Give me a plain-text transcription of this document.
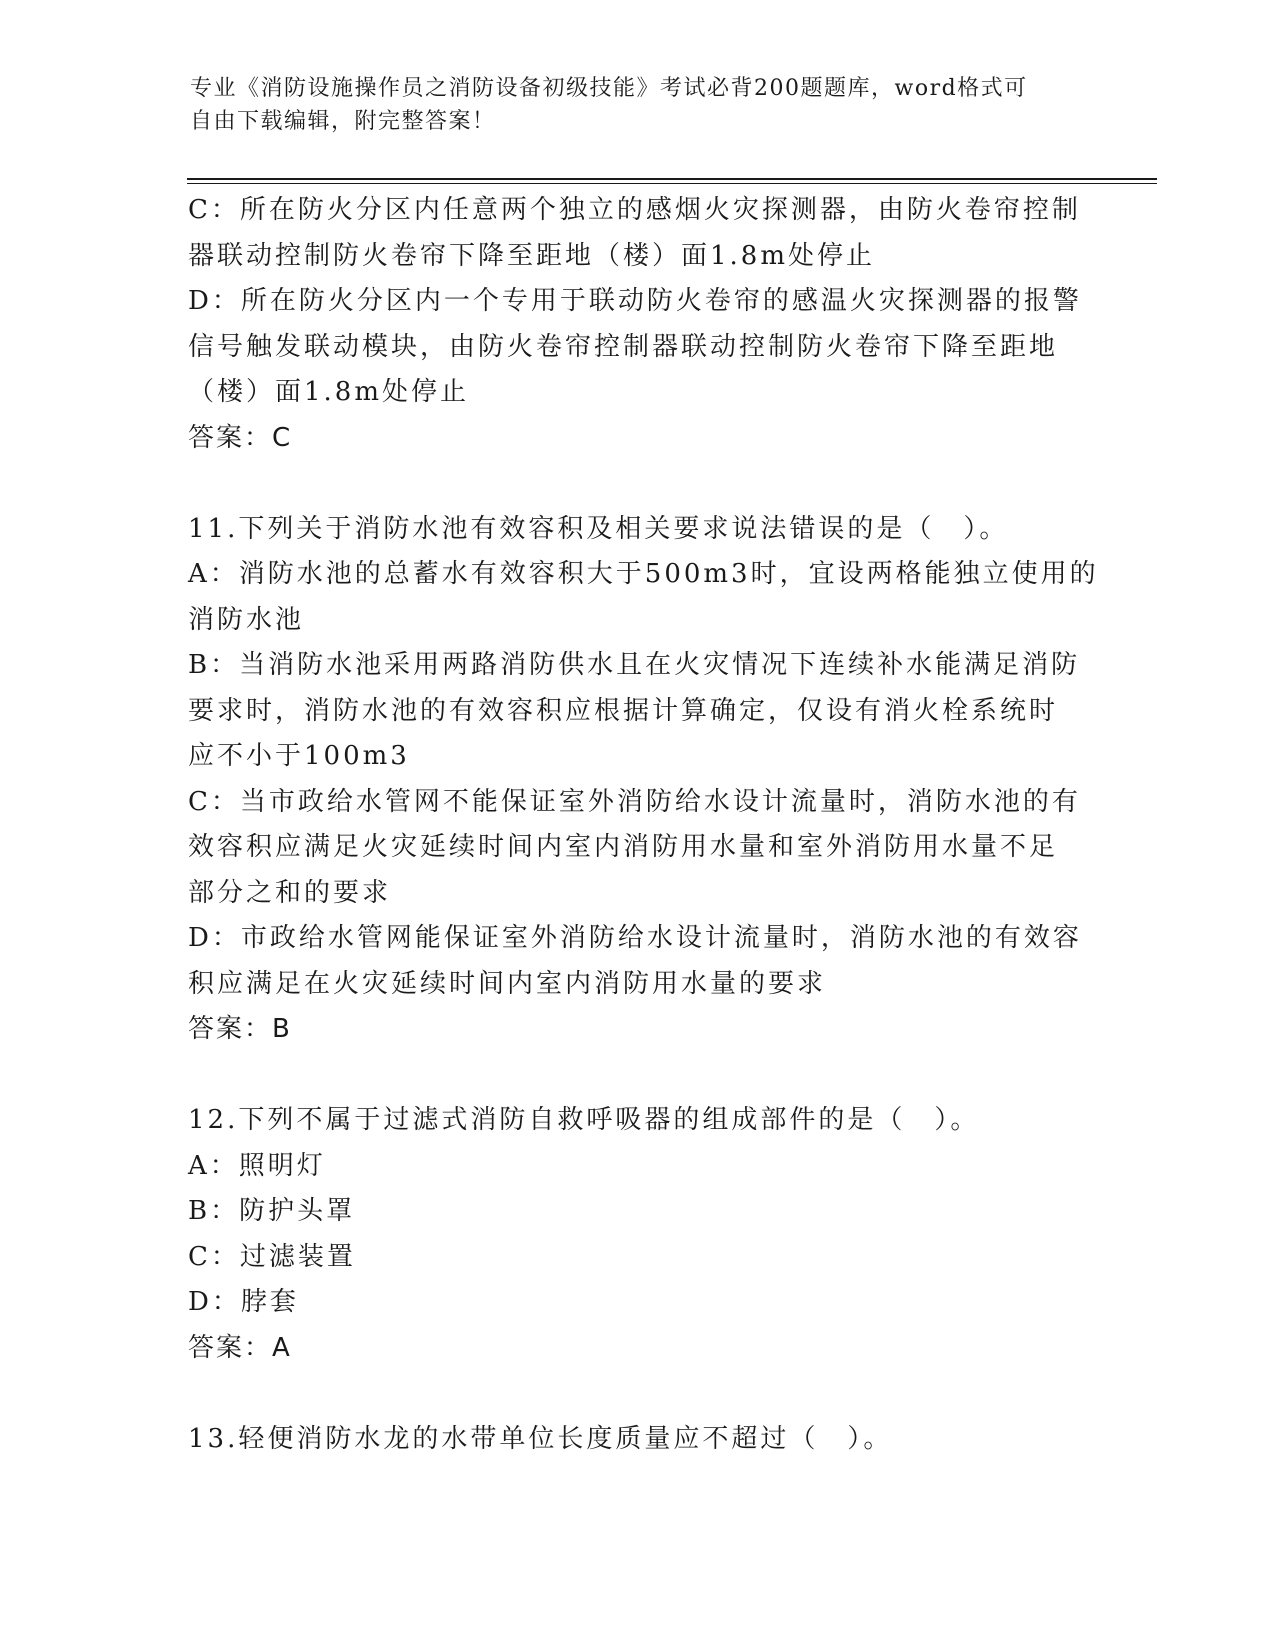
专业《消防设施操作员之消防设备初级技能》考试必背200题题库，word格式可
自由下载编辑，附完整答案！
C：所在防火分区内任意两个独立的感烟火灾探测器，由防火卷帘控制
器联动控制防火卷帘下降至距地（楼）面1.8m处停止
D：所在防火分区内一个专用于联动防火卷帘的感温火灾探测器的报警
信号触发联动模块，由防火卷帘控制器联动控制防火卷帘下降至距地
（楼）面1.8m处停止
答案：C
11.下列关于消防水池有效容积及相关要求说法错误的是（　）。
A：消防水池的总蓄水有效容积大于500m3时，宜设两格能独立使用的
消防水池
B：当消防水池采用两路消防供水且在火灾情况下连续补水能满足消防
要求时，消防水池的有效容积应根据计算确定，仅设有消火栓系统时
应不小于100m3
C：当市政给水管网不能保证室外消防给水设计流量时，消防水池的有
效容积应满足火灾延续时间内室内消防用水量和室外消防用水量不足
部分之和的要求
D：市政给水管网能保证室外消防给水设计流量时，消防水池的有效容
积应满足在火灾延续时间内室内消防用水量的要求
答案：B
12.下列不属于过滤式消防自救呼吸器的组成部件的是（　）。
A：照明灯
B：防护头罩
C：过滤装置
D：脖套
答案：A
13.轻便消防水龙的水带单位长度质量应不超过（　）。
